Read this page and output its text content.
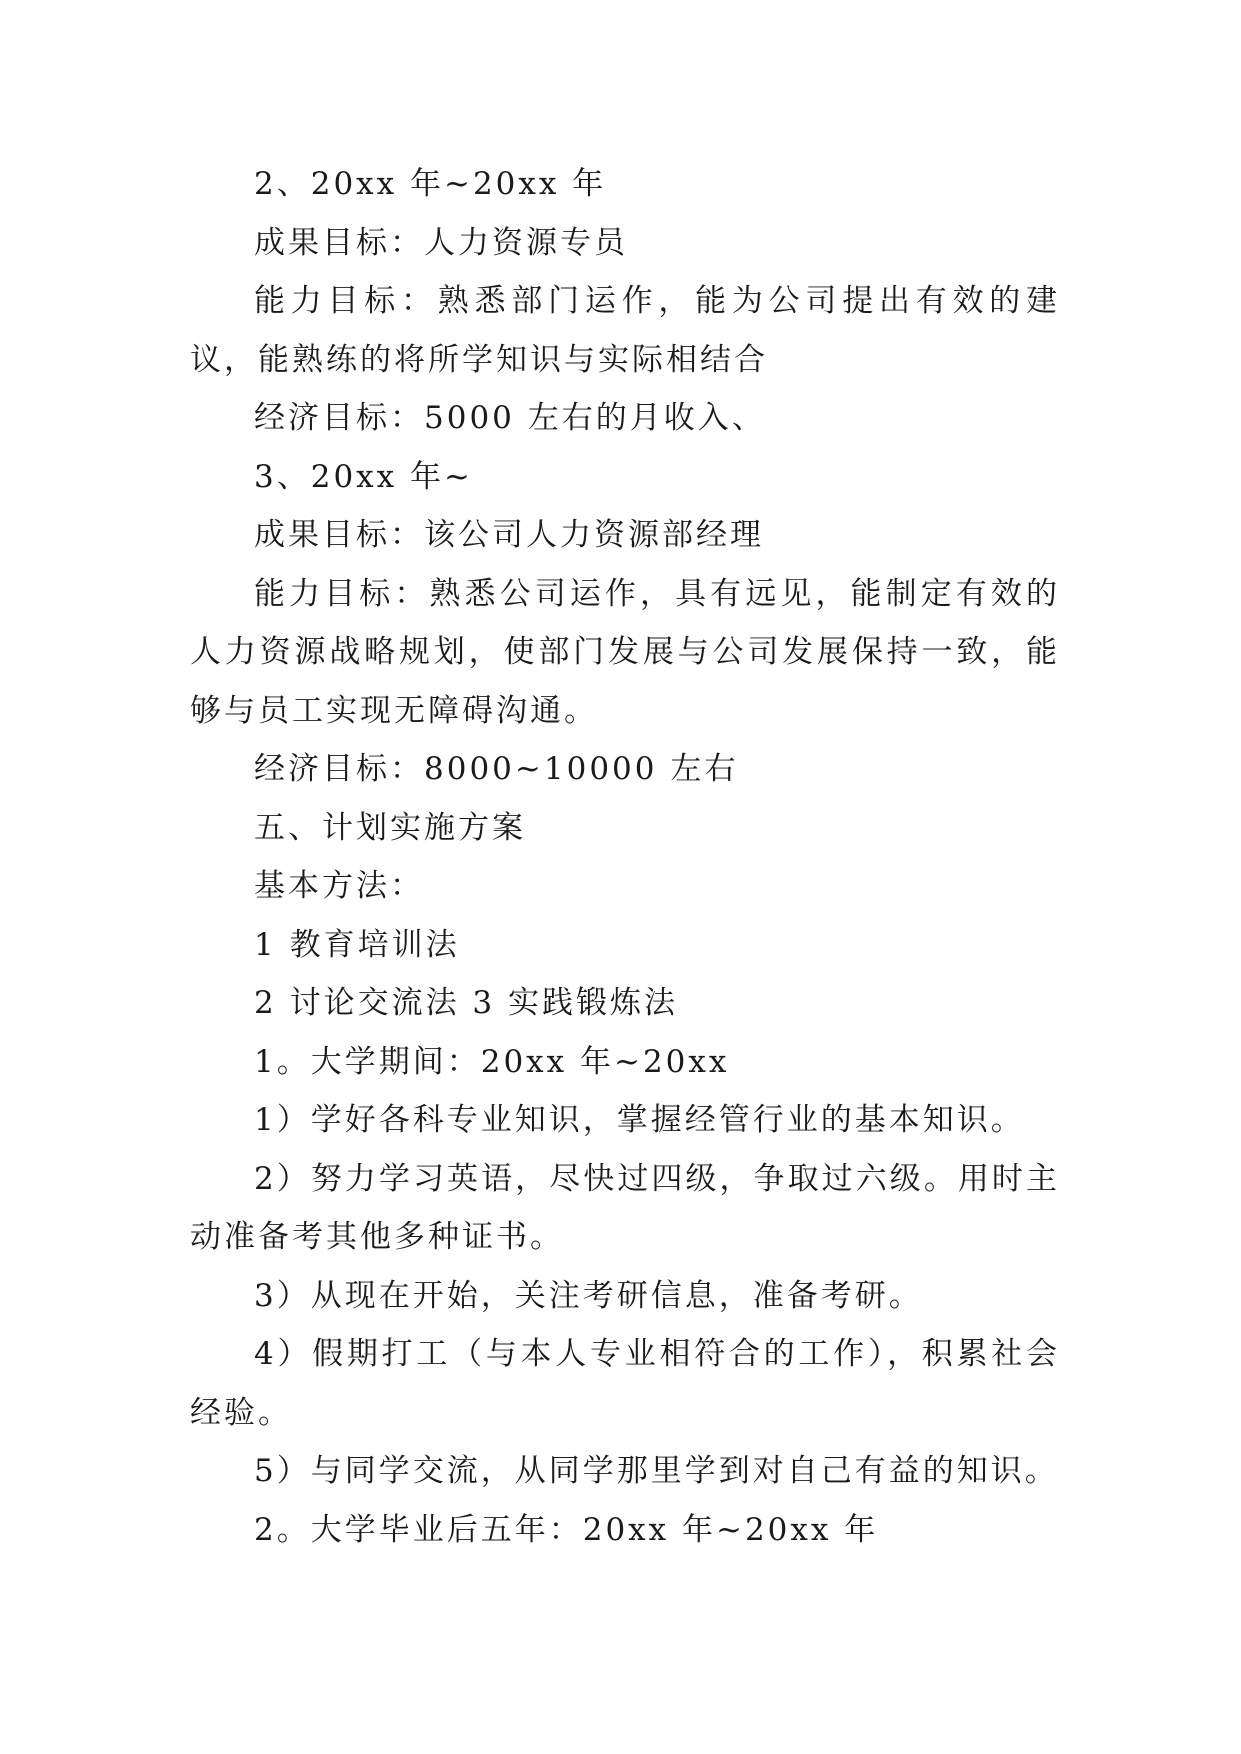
2、20xx 年~20xx 年

成果目标：人力资源专员

能力目标：熟悉部门运作，能为公司提出有效的建议，能熟练的将所学知识与实际相结合

经济目标：5000 左右的月收入、

3、20xx 年~

成果目标：该公司人力资源部经理

能力目标：熟悉公司运作，具有远见，能制定有效的人力资源战略规划，使部门发展与公司发展保持一致，能够与员工实现无障碍沟通。

经济目标：8000~10000 左右

五、计划实施方案

基本方法：

1 教育培训法

2 讨论交流法 3 实践锻炼法

1。大学期间：20xx 年~20xx

1）学好各科专业知识，掌握经管行业的基本知识。

2）努力学习英语，尽快过四级，争取过六级。用时主动准备考其他多种证书。

3）从现在开始，关注考研信息，准备考研。

4）假期打工（与本人专业相符合的工作），积累社会经验。

5）与同学交流，从同学那里学到对自己有益的知识。

2。大学毕业后五年：20xx 年~20xx 年
